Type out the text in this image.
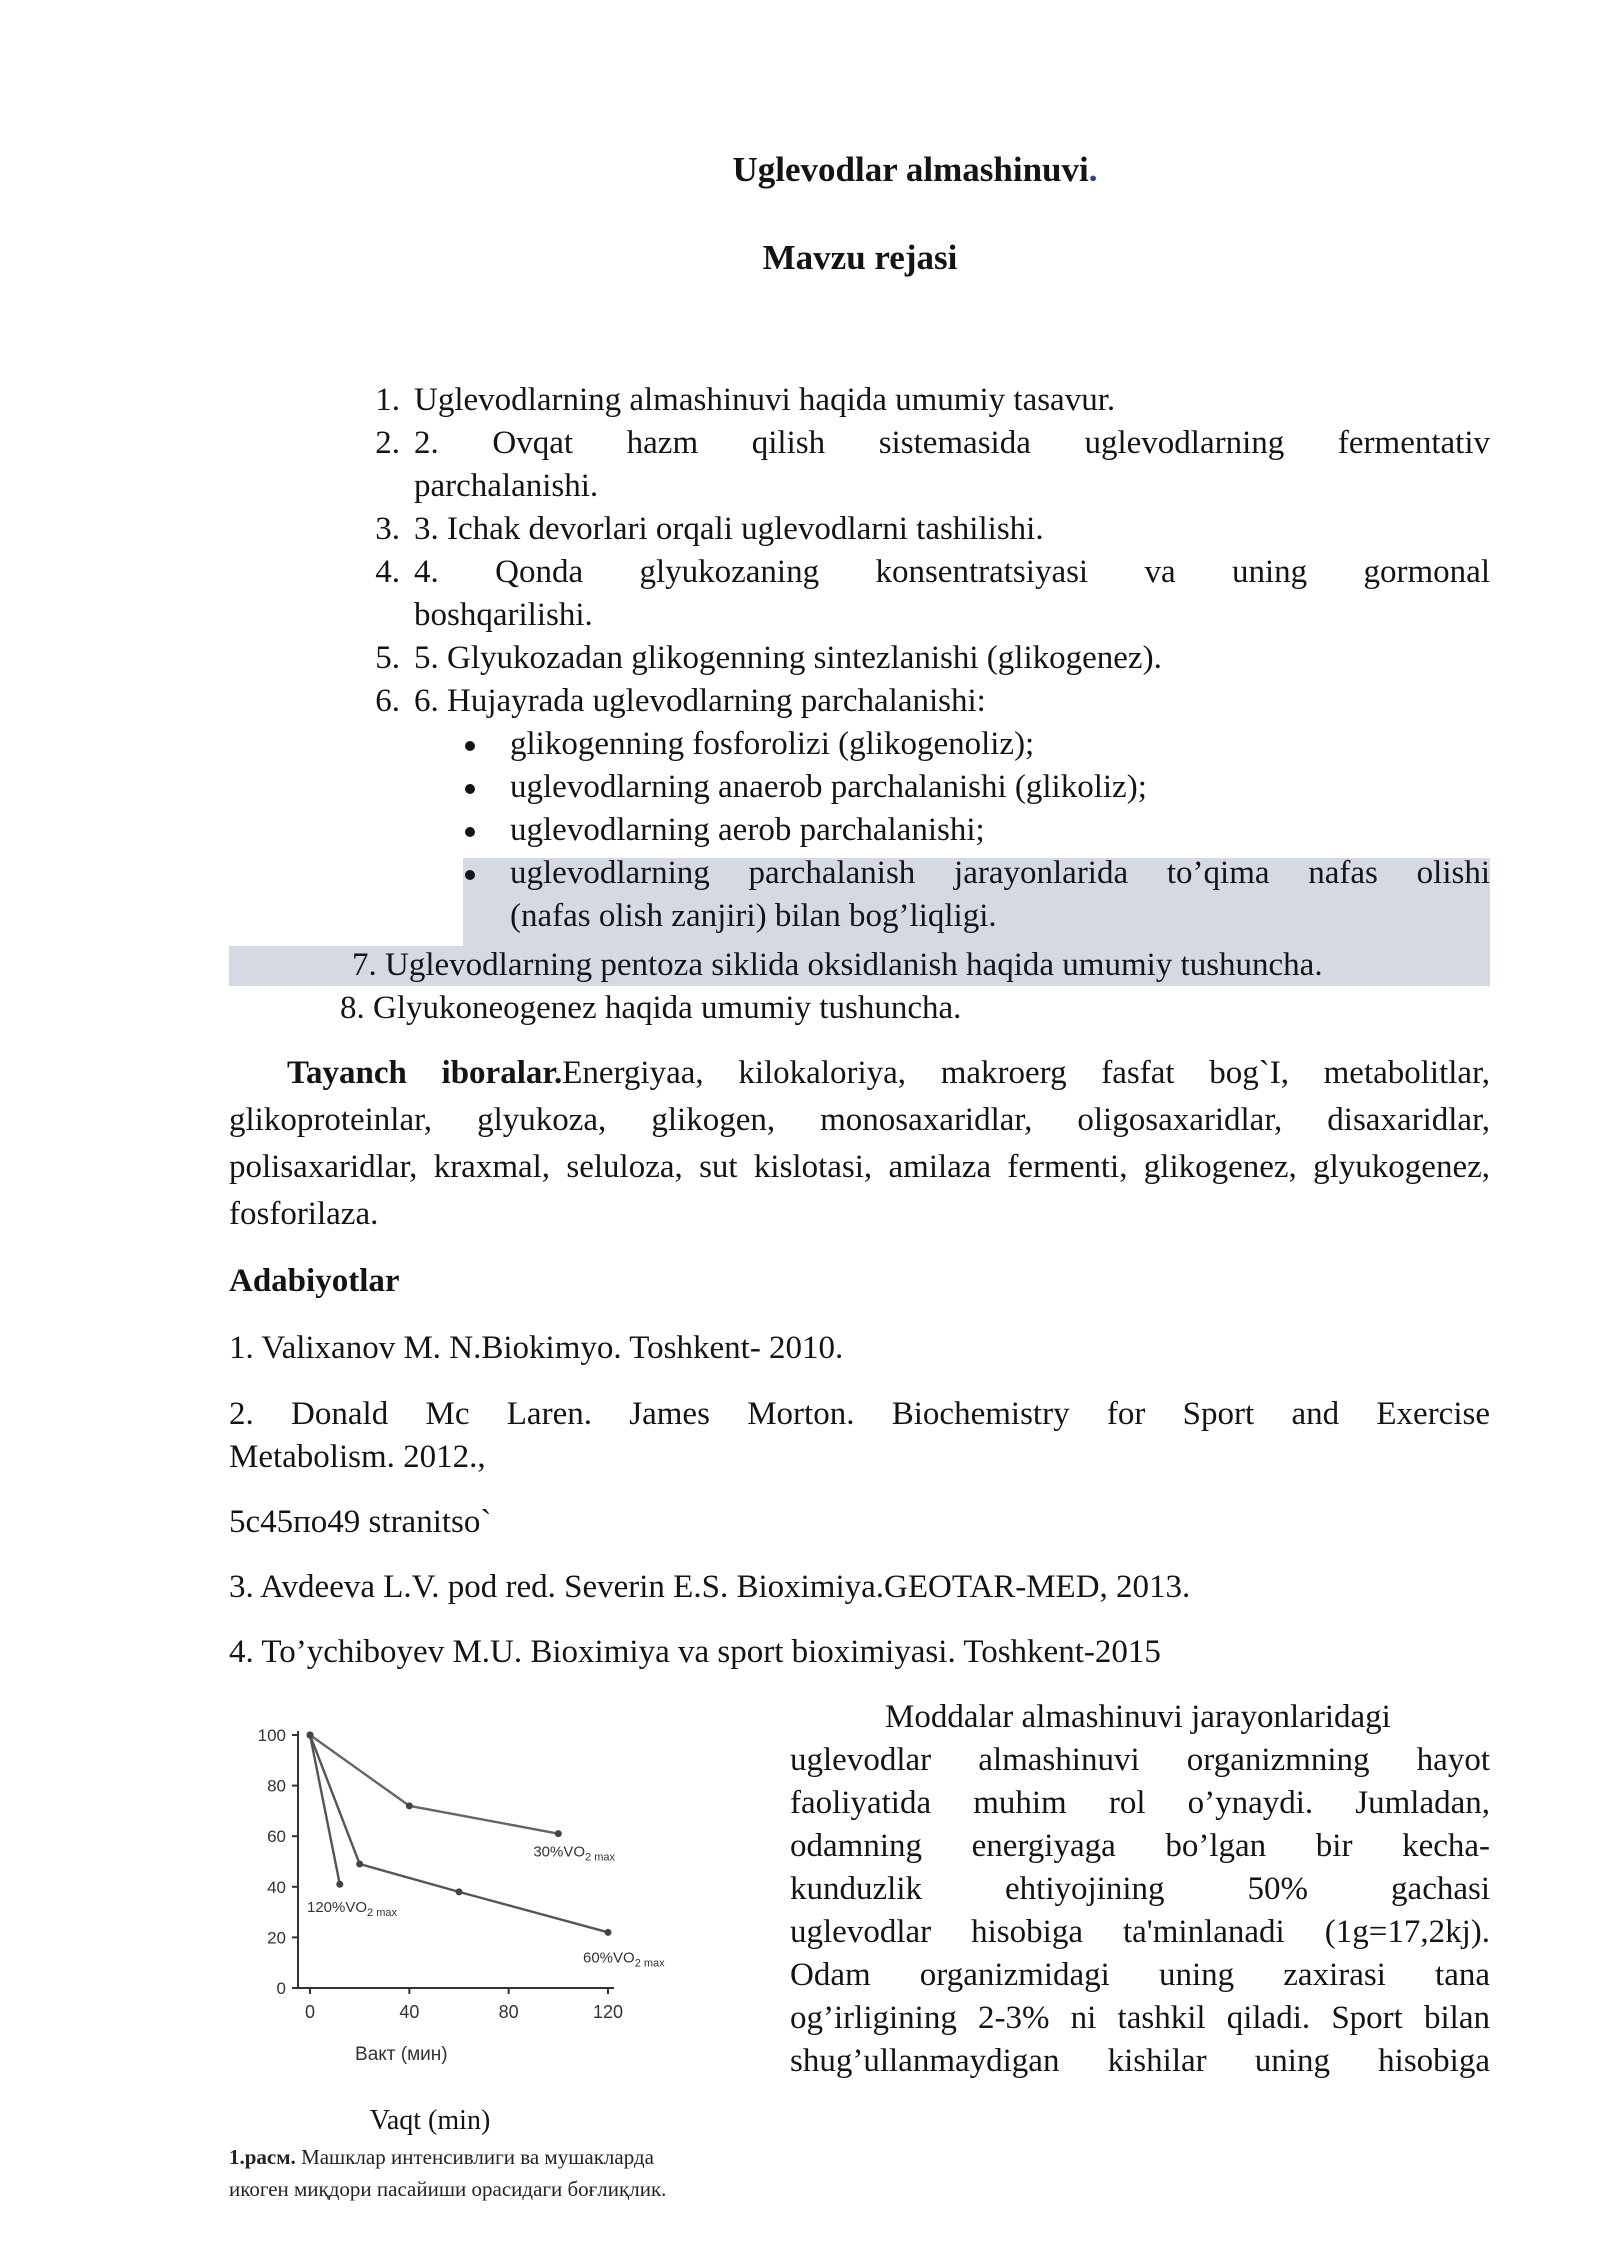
Uglevodlar almashinuvi.
Mavzu rejasi
1. Uglevodlarning almashinuvi haqida umumiy tasavur.
2. 2. Ovqat hazm qilish sistemasida uglevodlarning fermentativ
parchalanishi.
3. 3. Ichak devorlari orqali uglevodlarni tashilishi.
4. 4. Qonda glyukozaning konsentratsiyasi va uning gormonal
boshqarilishi.
5. 5. Glyukozadan glikogenning sintezlanishi (glikogenez).
6. 6. Hujayrada uglevodlarning parchalanishi:
glikogenning fosforolizi (glikogenoliz);
uglevodlarning anaerob parchalanishi (glikoliz);
uglevodlarning aerob parchalanishi;
uglevodlarning parchalanish jarayonlarida to’qima nafas olishi
(nafas olish zanjiri) bilan bog’liqligi.
7. Uglevodlarning pentoza siklida oksidlanish haqida umumiy tushuncha.
8. Glyukoneogenez haqida umumiy tushuncha.
Tayanch iboralar.Energiyaa, kilokaloriya, makroerg fasfat bog`I, metabolitlar, glikoproteinlar, glyukoza, glikogen, monosaxaridlar, oligosaxaridlar, disaxaridlar, polisaxaridlar, kraxmal, seluloza, sut kislotasi, amilaza fermenti, glikogenez, glyukogenez, fosforilaza.
Adabiyotlar
1. Valixanov M. N.Biokimyo. Toshkent- 2010.
2. Donald Mc Laren. James Morton. Biochemistry for Sport and Exercise
Metabolism. 2012.,
5с45по49 stranitso`
3. Avdeeva L.V. pod red. Severin E.S. Bioximiya.GEOTAR-MED, 2013.
4. To’ychiboyev M.U. Bioximiya va sport bioximiyasi. Toshkent-2015
Moddalar almashinuvi jarayonlaridagi
uglevodlar almashinuvi organizmning hayot
faoliyatida muhim rol o’ynaydi. Jumladan,
odamning energiyaga bo’lgan bir kecha-
kunduzlik ehtiyojining 50% gachasi
uglevodlar hisobiga ta'minlanadi (1g=17,2kj).
Odam organizmidagi uning zaxirasi tana
og’irligining 2-3% ni tashkil qiladi. Sport bilan
shug’ullanmaydigan kishilar uning hisobiga
0
20
40
60
80
100
0	40	80	120
$30\%VO_{2 max}$
$120\%VO_{2 max}$
$60\%VO_{2 max}$
Вакт (мин)
Vaqt (min)
1.расм. Машклар интенсивлиги ва мушакларда
икоген миқдори пасайиши орасидаги боғлиқлик.
